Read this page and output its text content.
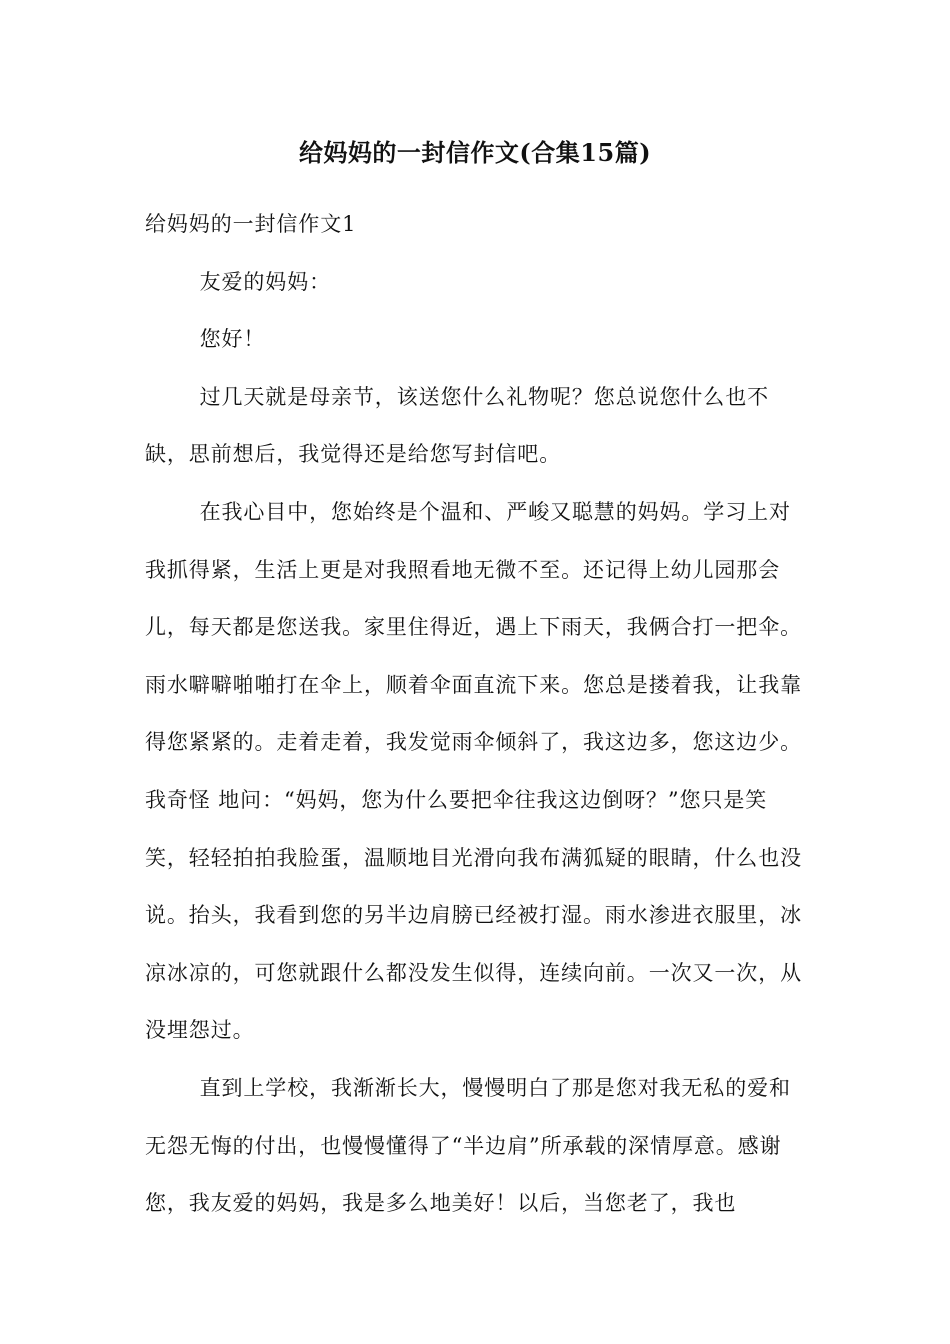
给妈妈的一封信作文(合集15篇)

给妈妈的一封信作文1

友爱的妈妈：

您好！

过几天就是母亲节，该送您什么礼物呢？您总说您什么也不缺，思前想后，我觉得还是给您写封信吧。

在我心目中，您始终是个温和、严峻又聪慧的妈妈。学习上对我抓得紧，生活上更是对我照看地无微不至。还记得上幼儿园那会儿，每天都是您送我。家里住得近，遇上下雨天，我俩合打一把伞。雨水噼噼啪啪打在伞上，顺着伞面直流下来。您总是搂着我，让我靠得您紧紧的。走着走着，我发觉雨伞倾斜了，我这边多，您这边少。我奇怪 地问：“妈妈，您为什么要把伞往我这边倒呀？”您只是笑笑，轻轻拍拍我脸蛋，温顺地目光滑向我布满狐疑的眼睛，什么也没说。抬头，我看到您的另半边肩膀已经被打湿。雨水渗进衣服里，冰凉冰凉的，可您就跟什么都没发生似得，连续向前。一次又一次，从没埋怨过。

直到上学校，我渐渐长大，慢慢明白了那是您对我无私的爱和无怨无悔的付出，也慢慢懂得了“半边肩”所承载的深情厚意。感谢您，我友爱的妈妈，我是多么地美好！以后，当您老了，我也
